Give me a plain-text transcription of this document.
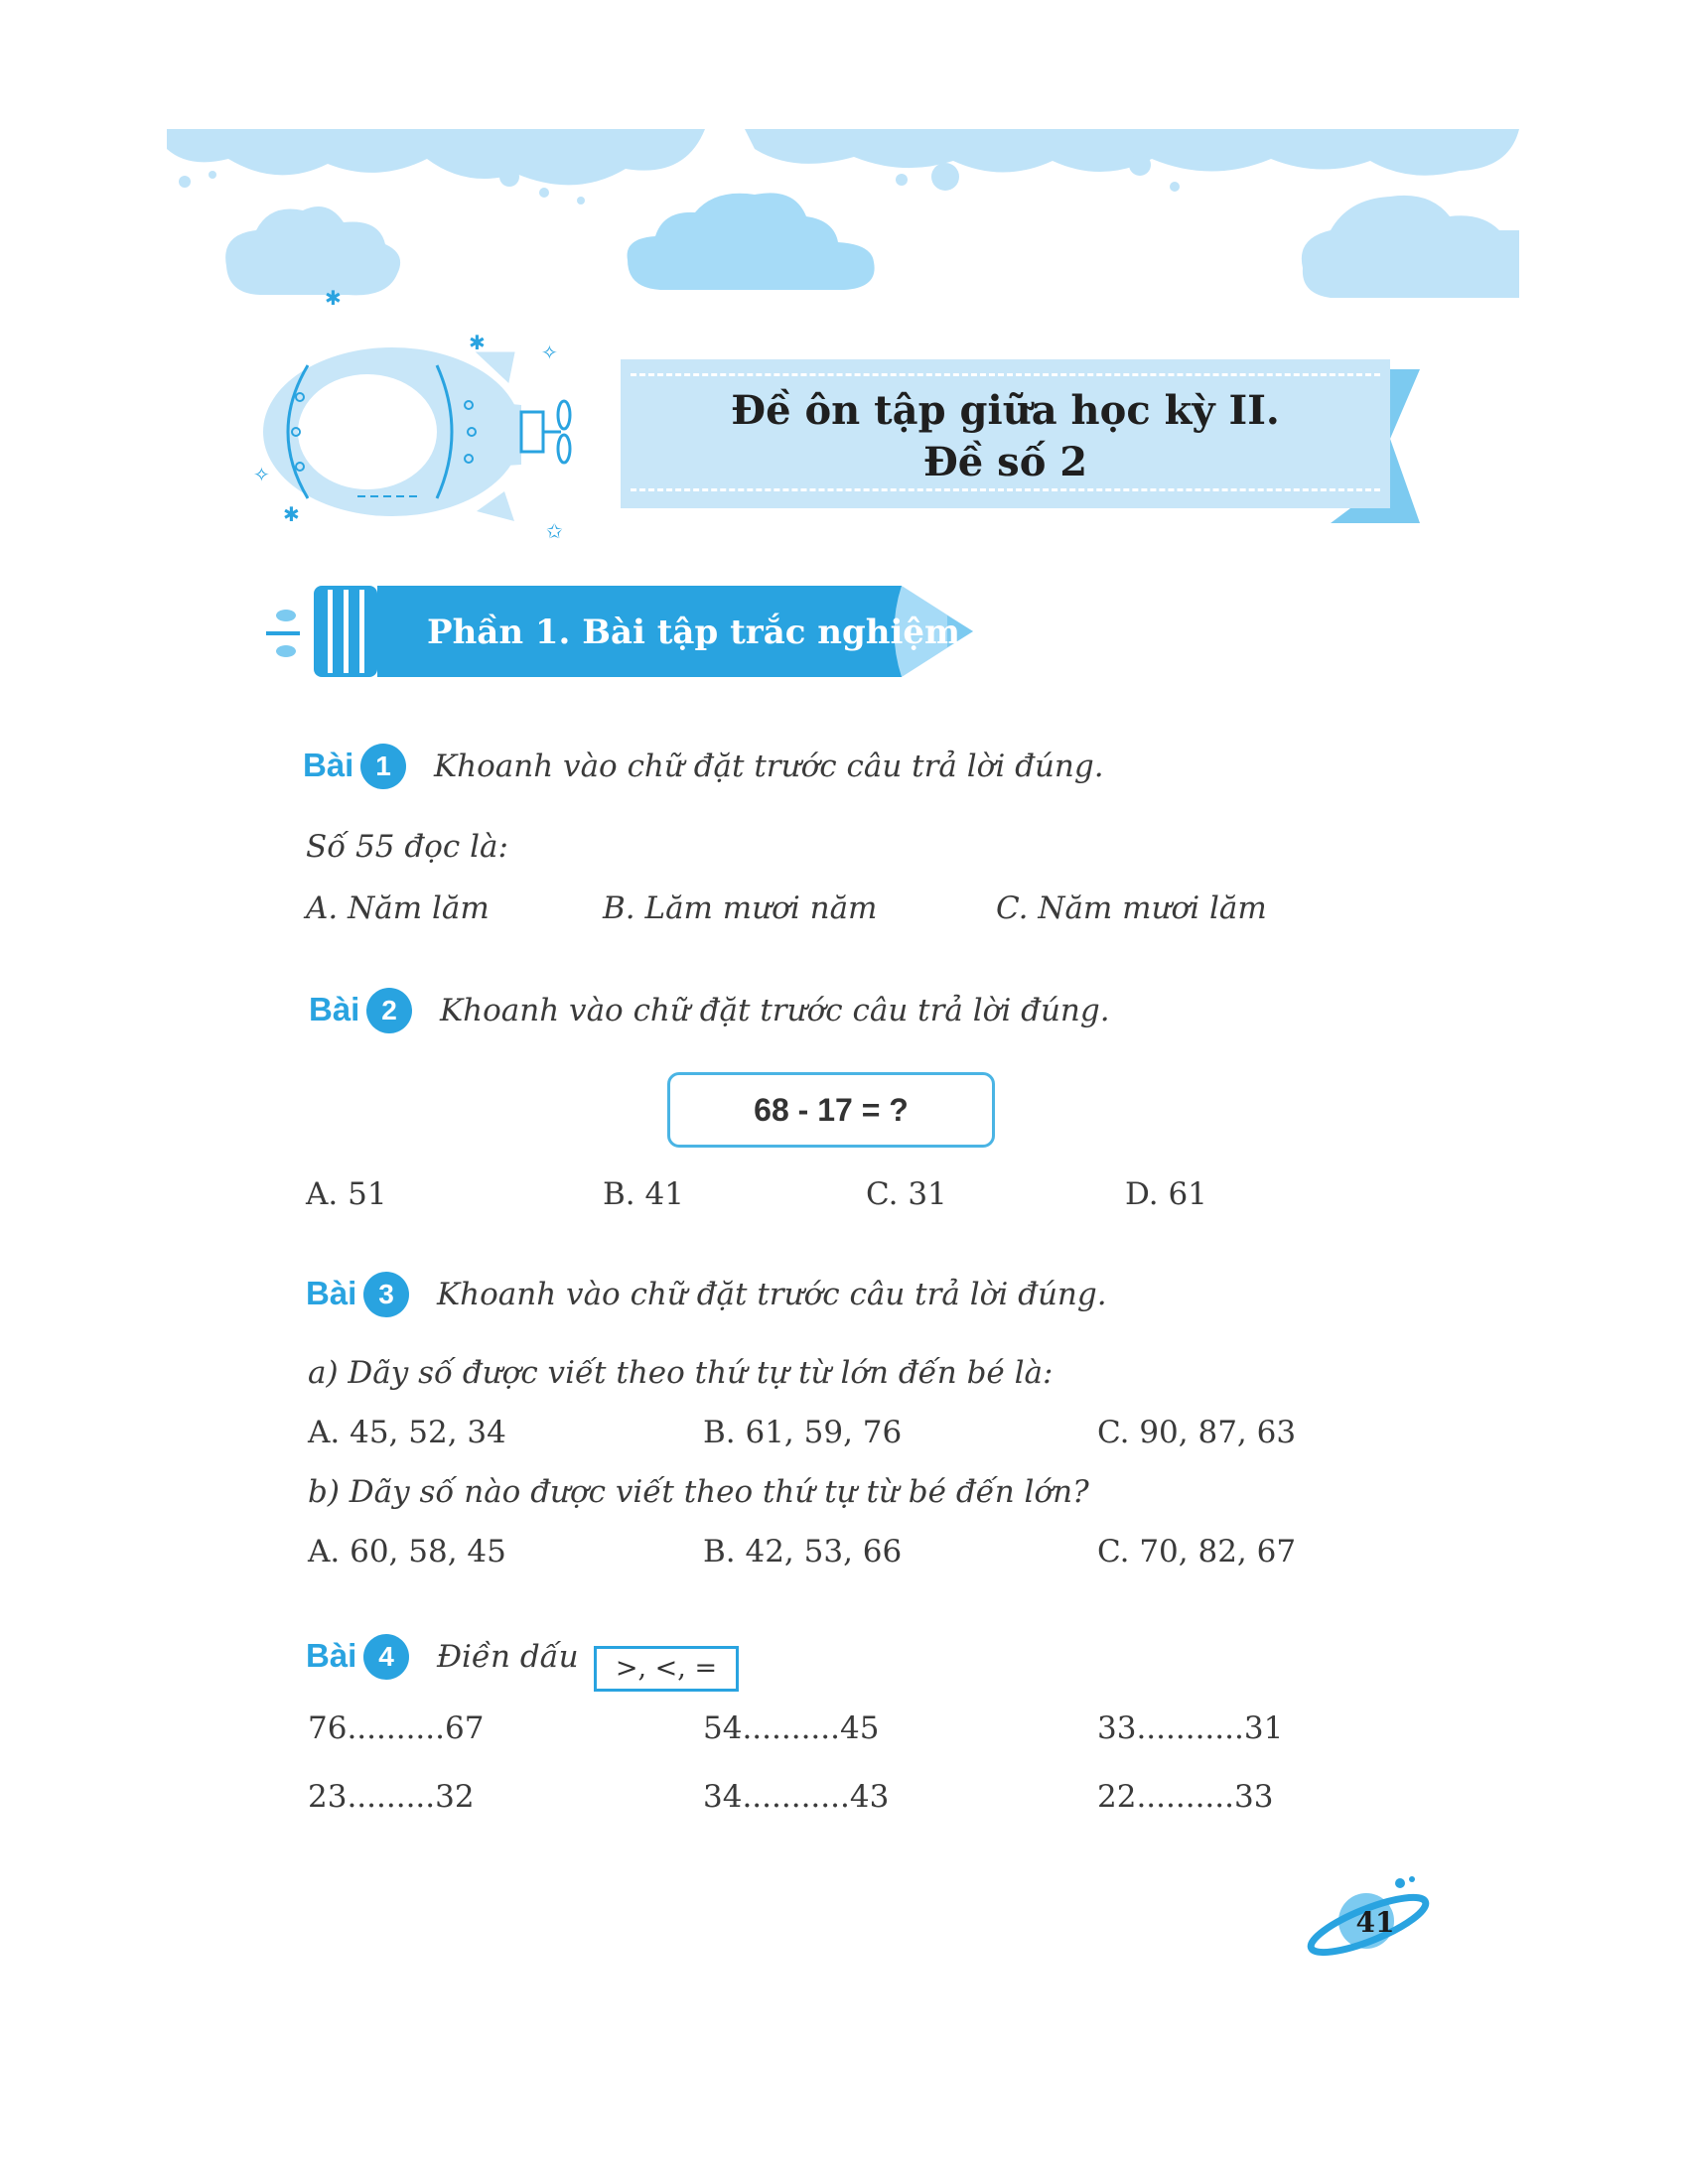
✱
✱	✧
✧
✱
✩
Đề ôn tập giữa học kỳ II.
Đề số 2
Phần 1. Bài tập trắc nghiệm
Bài 1	Khoanh vào chữ đặt trước câu trả lời đúng.
Số 55 đọc là:
A. Năm lăm	B. Lăm mươi năm	C. Năm mươi lăm
Bài 2	Khoanh vào chữ đặt trước câu trả lời đúng.
68 - 17 = ?
A. 51	B. 41	C. 31	D. 61
Bài 3	Khoanh vào chữ đặt trước câu trả lời đúng.
a) Dãy số được viết theo thứ tự từ lớn đến bé là:
A. 45, 52, 34	B. 61, 59, 76	C. 90, 87, 63
b) Dãy số nào được viết theo thứ tự từ bé đến lớn?
A. 60, 58, 45	B. 42, 53, 66	C. 70, 82, 67
Bài 4	Điền dấu	>, <, =
76..........67	54..........45	33...........31
23.........32	34...........43	22..........33
41
